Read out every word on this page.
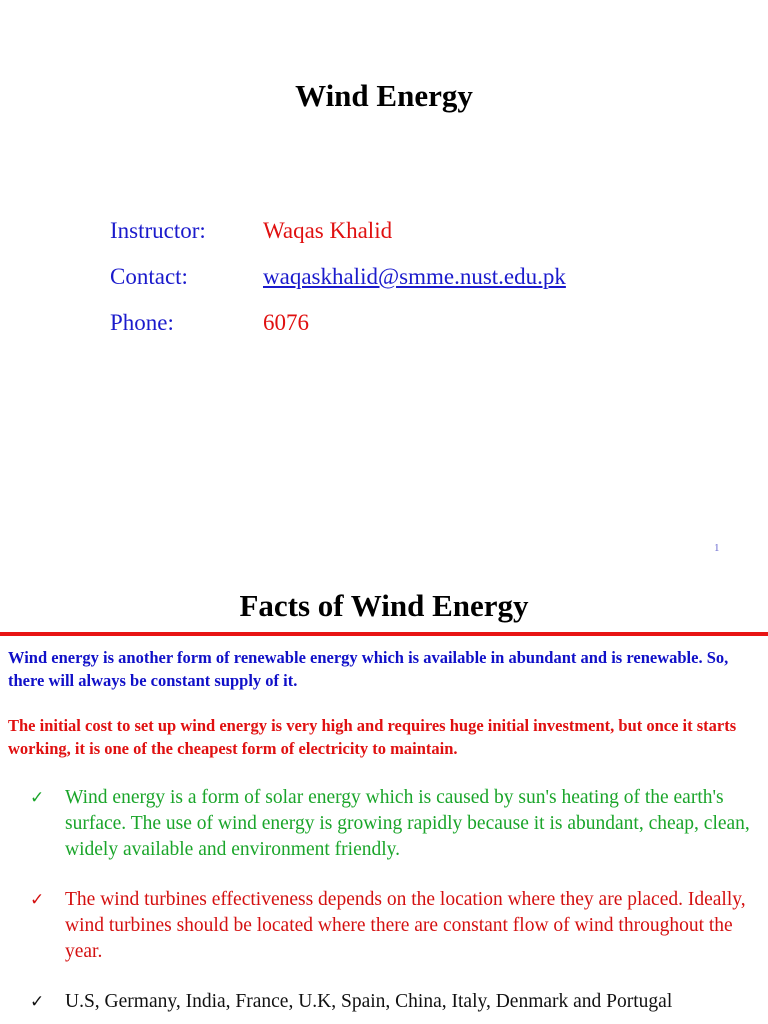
Wind Energy
Instructor: Waqas Khalid
Contact:	waqaskhalid@smme.nust.edu.pk
Phone:	6076
1
Facts of Wind Energy
Wind energy is another form of renewable energy which is available in abundant and is renewable. So, there will always be constant supply of it.
The initial cost to set up wind energy is very high and requires huge initial investment, but once it starts working, it is one of the cheapest form of electricity to maintain.
✓ Wind energy is a form of solar energy which is caused by sun's heating of the earth's surface. The use of wind energy is growing rapidly because it is abundant, cheap, clean, widely available and environment friendly.
✓ The wind turbines effectiveness depends on the location where they are placed. Ideally, wind turbines should be located where there are constant flow of wind throughout the year.
✓ U.S, Germany, India, France, U.K, Spain, China, Italy, Denmark and Portugal
